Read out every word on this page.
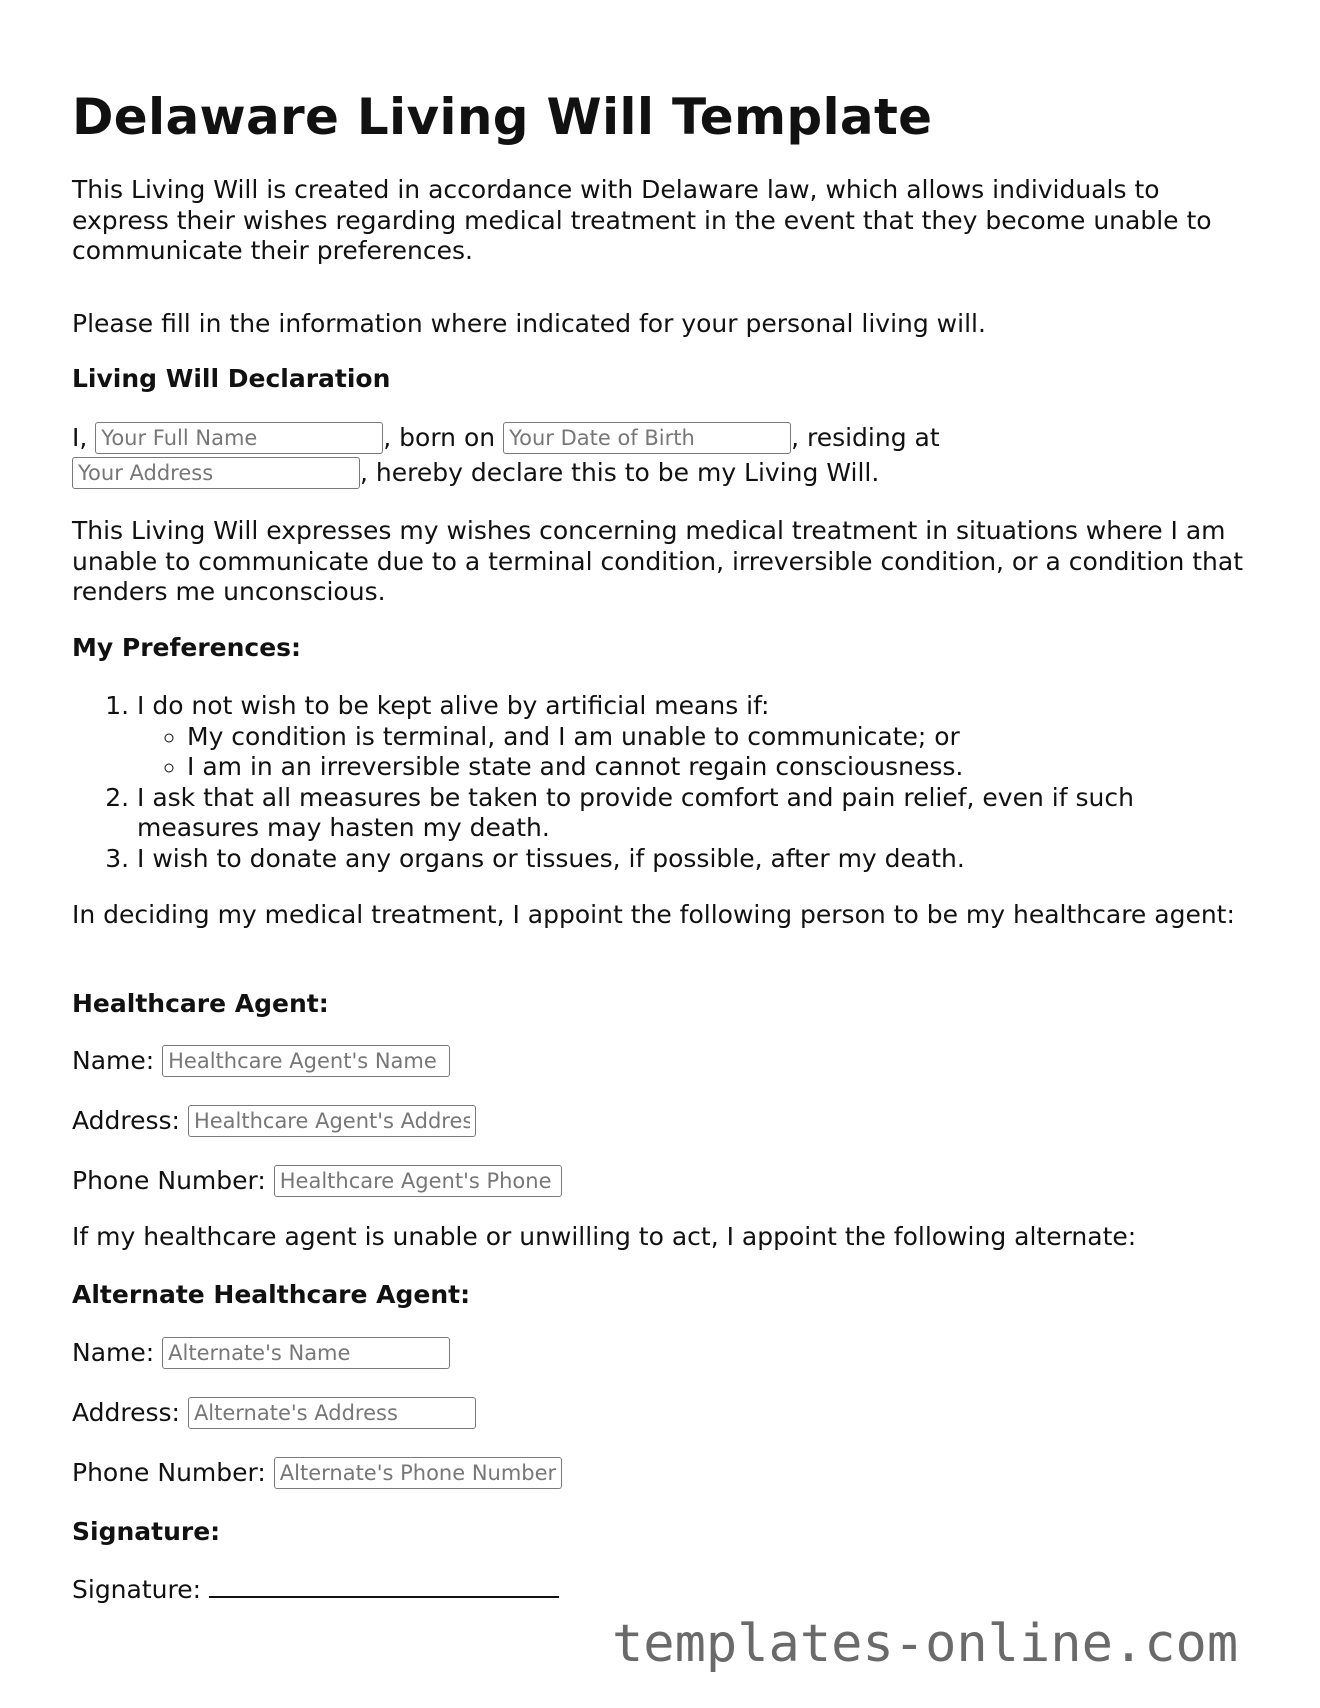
Delaware Living Will Template

This Living Will is created in accordance with Delaware law, which allows individuals to express their wishes regarding medical treatment in the event that they become unable to communicate their preferences.

Please fill in the information where indicated for your personal living will.

Living Will Declaration
I, Your Full Name	, born on Your Date of Birth	, residing at
Your Address, hereby declare this to be my Living Will.

This Living Will expresses my wishes concerning medical treatment in situations where I am unable to communicate due to a terminal condition, irreversible condition, or a condition that renders me unconscious.

My Preferences:
1. I do not wish to be kept alive by artificial means if:
◦ My condition is terminal, and I am unable to communicate; or
◦ I am in an irreversible state and cannot regain consciousness.
2. I ask that all measures be taken to provide comfort and pain relief, even if such measures may hasten my death.
3. I wish to donate any organs or tissues, if possible, after my death.

In deciding my medical treatment, I appoint the following person to be my healthcare agent:

Healthcare Agent:
Name: Healthcare Agent's Name
Address: Healthcare Agent's Address
Phone Number: Healthcare Agent's Phone

If my healthcare agent is unable or unwilling to act, I appoint the following alternate:

Alternate Healthcare Agent:
Name: Alternate's Name
Address: Alternate's Address
Phone Number: Alternate's Phone Number
Signature:
Signature:
templates-online.com
